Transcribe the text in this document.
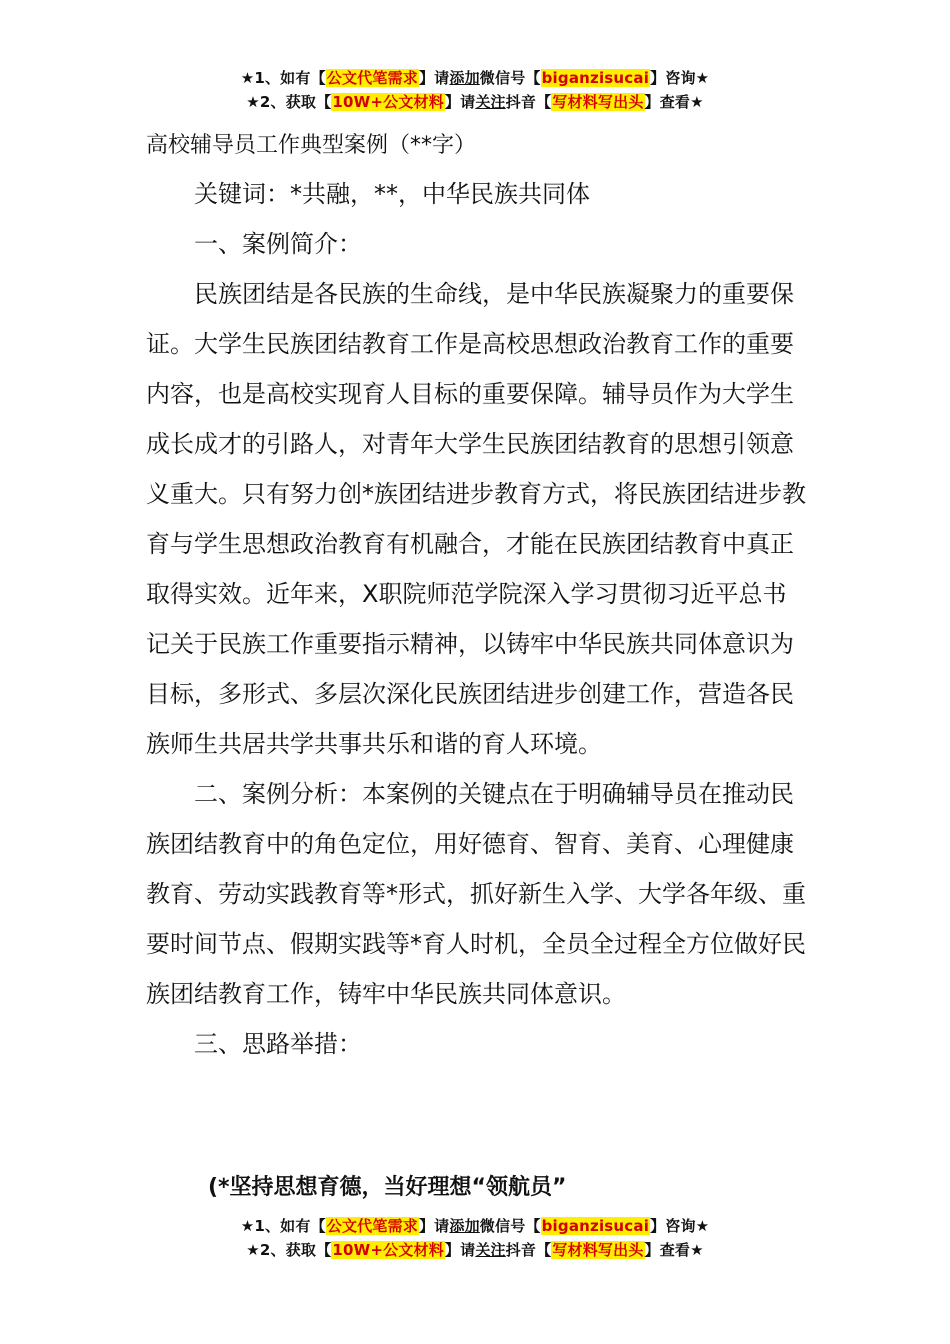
★1、如有【公文代笔需求】请添加微信号【biganzisucai】咨询★
★2、获取【10W+公文材料】请关注抖音【写材料写出头】查看★
高校辅导员工作典型案例（**字）

关键词：*共融，**，中华民族共同体

一、案例简介：

民族团结是各民族的生命线，是中华民族凝聚力的重要保证。大学生民族团结教育工作是高校思想政治教育工作的重要内容，也是高校实现育人目标的重要保障。辅导员作为大学生成长成才的引路人，对青年大学生民族团结教育的思想引领意义重大。只有努力创*族团结进步教育方式，将民族团结进步教育与学生思想政治教育有机融合，才能在民族团结教育中真正取得实效。近年来，X职院师范学院深入学习贯彻习近平总书记关于民族工作重要指示精神，以铸牢中华民族共同体意识为目标，多形式、多层次深化民族团结进步创建工作，营造各民族师生共居共学共事共乐和谐的育人环境。

二、案例分析：本案例的关键点在于明确辅导员在推动民族团结教育中的角色定位，用好德育、智育、美育、心理健康教育、劳动实践教育等*形式，抓好新生入学、大学各年级、重要时间节点、假期实践等*育人时机，全员全过程全方位做好民族团结教育工作，铸牢中华民族共同体意识。

三、思路举措：

(*坚持思想育德，当好理想“领航员”
★1、如有【公文代笔需求】请添加微信号【biganzisucai】咨询★
★2、获取【10W+公文材料】请关注抖音【写材料写出头】查看★
